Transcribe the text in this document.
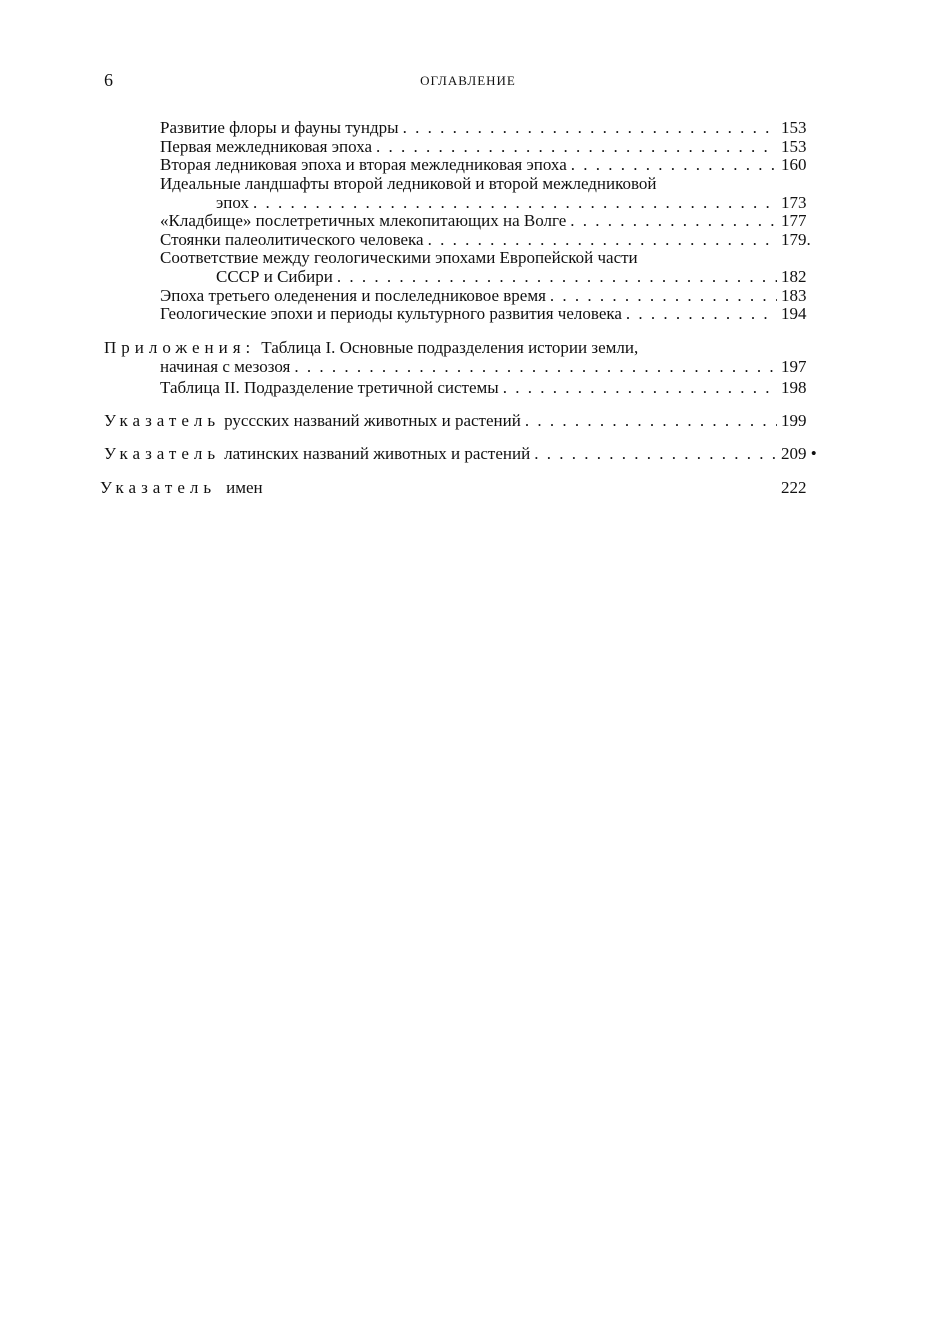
6	ОГЛАВЛЕНИЕ
Развитие флоры и фауны тундры . . .	153
Первая межледниковая эпоха . . .	153
Вторая ледниковая эпоха и вторая межледниковая эпоха . . .	160
Идеальные ландшафты второй ледниковой и второй межледниковой
эпох . . .	173
«Кладбище» послетретичных млекопитающих на Волге . . .	177
Стоянки палеолитического человека . . .	179.
Соответствие между геологическими эпохами Европейской части
СССР и Сибири . . .	182
Эпоха третьего оледенения и послеледниковое время . . .	183
Геологические эпохи и периоды культурного развития человека . . .	194
Приложения: Таблица I. Основные подразделения истории земли,
начиная с мезозоя . . .	197
Таблица II. Подразделение третичной системы . . .	198
Указатель русcских названий животных и растений . . .	199
Указатель латинских названий животных и растений . . .	209 •
Указатель имен	222
